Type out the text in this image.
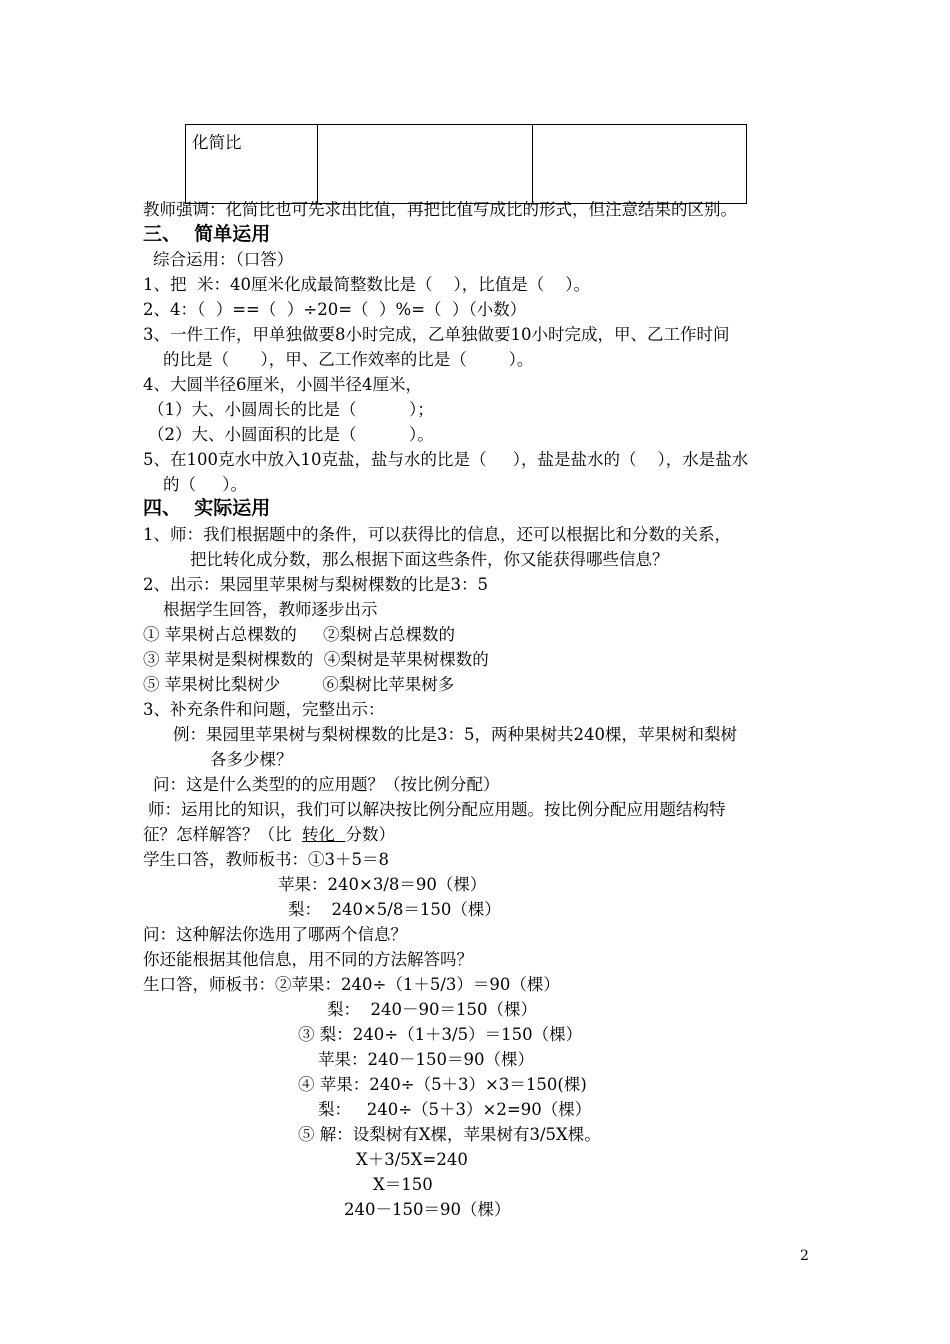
化简比		
教师强调：化简比也可先求出比值，再把比值写成比的形式，但注意结果的区别。
三、  简单运用
综合运用：（口答）
1、把  米：40厘米化成最简整数比是（    ），比值是（    ）。
2、4：（  ）==（  ）÷20=（  ）%=（  ）（小数）
3、一件工作，甲单独做要8小时完成，乙单独做要10小时完成，甲、乙工作时间
的比是（      ），甲、乙工作效率的比是（        ）。
4、大圆半径6厘米，小圆半径4厘米，
（1）大、小圆周长的比是（          ）；
（2）大、小圆面积的比是（          ）。
5、在100克水中放入10克盐，盐与水的比是（     ），盐是盐水的（    ），水是盐水
的（     ）。
四、  实际运用
1、师：我们根据题中的条件，可以获得比的信息，还可以根据比和分数的关系，
把比转化成分数，那么根据下面这些条件，你又能获得哪些信息？
2、出示：果园里苹果树与梨树棵数的比是3：5
根据学生回答，教师逐步出示
① 苹果树占总棵数的     ②梨树占总棵数的
③ 苹果树是梨树棵数的  ④梨树是苹果树棵数的
⑤ 苹果树比梨树少        ⑥梨树比苹果树多
3、补充条件和问题，完整出示：
例：果园里苹果树与梨树棵数的比是3：5，两种果树共240棵，苹果树和梨树
各多少棵？
问：这是什么类型的的应用题？（按比例分配）
师：运用比的知识，我们可以解决按比例分配应用题。按比例分配应用题结构特
征？怎样解答？（比  转化  分数）
学生口答，教师板书：①3＋5＝8
苹果：240×3/8＝90（棵）
梨：  240×5/8＝150（棵）
问：这种解法你选用了哪两个信息？
你还能根据其他信息，用不同的方法解答吗？
生口答，师板书：②苹果：240÷（1＋5/3）＝90（棵）
梨：  240－90＝150（棵）
③ 梨：240÷（1＋3/5）＝150（棵）
苹果：240－150＝90（棵）
④ 苹果：240÷（5＋3）×3＝150(棵)
梨：   240÷（5＋3）×2=90（棵）
⑤ 解：设梨树有X棵，苹果树有3/5X棵。
X＋3/5X=240
X＝150
240－150＝90（棵）
2
